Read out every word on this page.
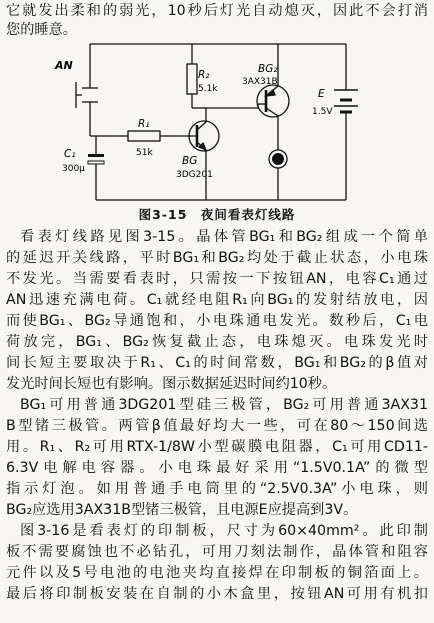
它就发出柔和的弱光，10秒后灯光自动熄灭，因此不会打消
您的睡意。
AN
R₂
5.1k
BG₂
3AX31B
E
1.5V
R₁
51k
C₁
300μ
BG
3DG201
图3-15　夜间看表灯线路
看表灯线路见图3-15。晶体管BG₁和BG₂组成一个简单
的延迟开关线路，平时BG₁和BG₂均处于截止状态，小电珠
不发光。当需要看表时，只需按一下按钮AN，电容C₁通过
AN迅速充满电荷。C₁就经电阻R₁向BG₁的发射结放电，因
而使BG₁、BG₂导通饱和，小电珠通电发光。数秒后，C₁电
荷放完，BG₁、BG₂恢复截止态，电珠熄灭。电珠发光时
间长短主要取决于R₁、C₁的时间常数，BG₁和BG₂的β值对
发光时间长短也有影响。图示数据延迟时间约10秒。
BG₁可用普通3DG201型硅三极管，BG₂可用普通3AX31
B型锗三极管。两管β值最好均大一些，可在80～150间选
用。R₁、R₂可用RTX-1/8W小型碳膜电阻器，C₁可用CD11-
6.3V电解电容器。小电珠最好采用“1.5V0.1A”的微型
指示灯泡。如用普通手电筒里的“2.5V0.3A”小电珠，则
BG₂应选用3AX31B型锗三极管，且电源E应提高到3V。
图3-16是看表灯的印制板，尺寸为60×40mm²。此印制
板不需要腐蚀也不必钻孔，可用刀刻法制作，晶体管和阻容
元件以及5号电池的电池夹均直接焊在印制板的铜箔面上。
最后将印制板安装在自制的小木盒里，按钮AN可用有机扣
